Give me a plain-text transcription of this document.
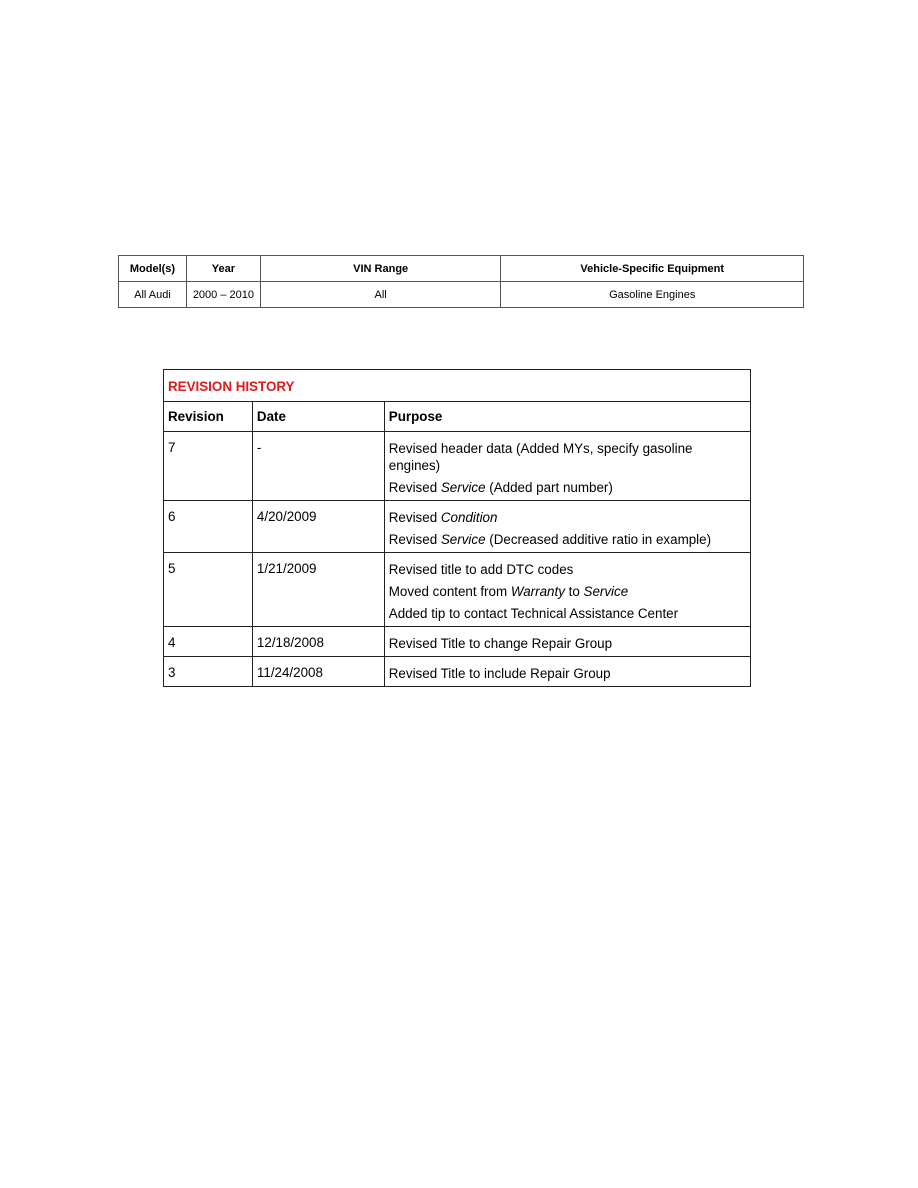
Model(s)	Year	VIN Range	Vehicle-Specific Equipment
All Audi	2000 – 2010	All	Gasoline Engines
REVISION HISTORY		
Revision	Date	Purpose
7	-	Revised header data (Added MYs, specify gasoline engines)
Revised Service (Added part number)

6	4/20/2009	Revised Condition
Revised Service (Decreased additive ratio in example)

5	1/21/2009	Revised title to add DTC codes
Moved content from Warranty to Service
Added tip to contact Technical Assistance Center

4	12/18/2008	Revised Title to change Repair Group

3	11/24/2008	Revised Title to include Repair Group
